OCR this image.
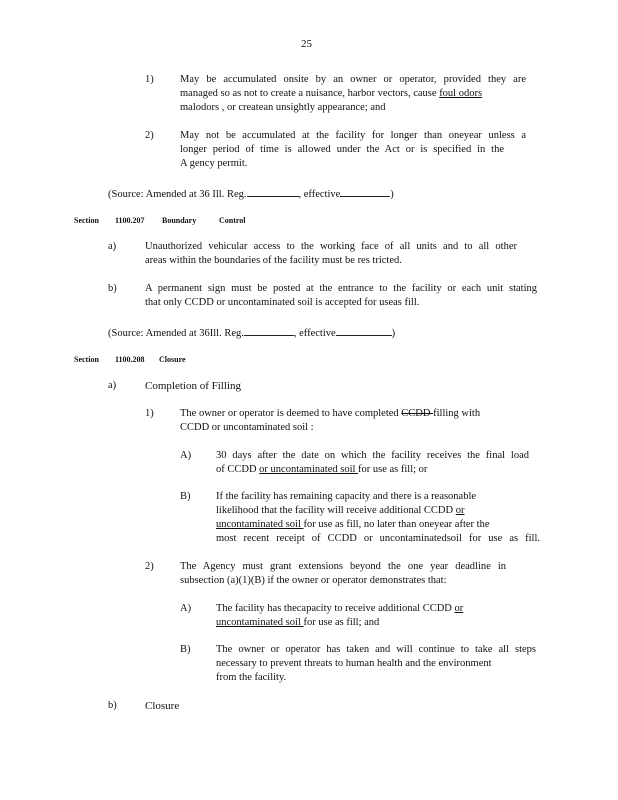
25
1)	May be accumulated onsite by an owner or operator, provided they are
managed so as not to create a nuisance, harbor vectors, cause foul odors
malodors , or createan unsightly appearance; and
2)	May not be accumulated at the facility for longer than oneyear unless a
longer period of time is allowed under the Act or is specified in the
A gency permit.
(Source: Amended at 36 Ill. Reg.	, effective	)
Section 1100.207 Boundary	Control
a)	Unauthorized vehicular access to the working face of all units and to all other
areas within the boundaries of the facility must be res tricted.
b)	A permanent sign must be posted at the entrance to the facility or each unit stating
that only CCDD or uncontaminated soil is accepted for useas fill.
(Source: Amended at 36Ill. Reg.	, effective	)
Section 1100.208 Closure
a)	Completion of Filling
1)	The owner or operator is deemed to have completed CCDD filling with
CCDD or uncontaminated soil :
A) 30 days after the date on which the facility receives the final load
of CCDD or uncontaminated soil for use as fill; or
B) If the facility has remaining capacity and there is a reasonable
likelihood that the facility will receive additional CCDD or
uncontaminated soil for use as fill, no later than oneyear after the
most recent receipt of CCDD or uncontaminatedsoil for use as fill.
2)	The Agency must grant extensions beyond the one year deadline in
subsection (a)(1)(B) if the owner or operator demonstrates that:
A) The facility has thecapacity to receive additional CCDD or
uncontaminated soil for use as fill; and
B) The owner or operator has taken and will continue to take all steps
necessary to prevent threats to human health and the environment
from the facility.
b)	Closure
